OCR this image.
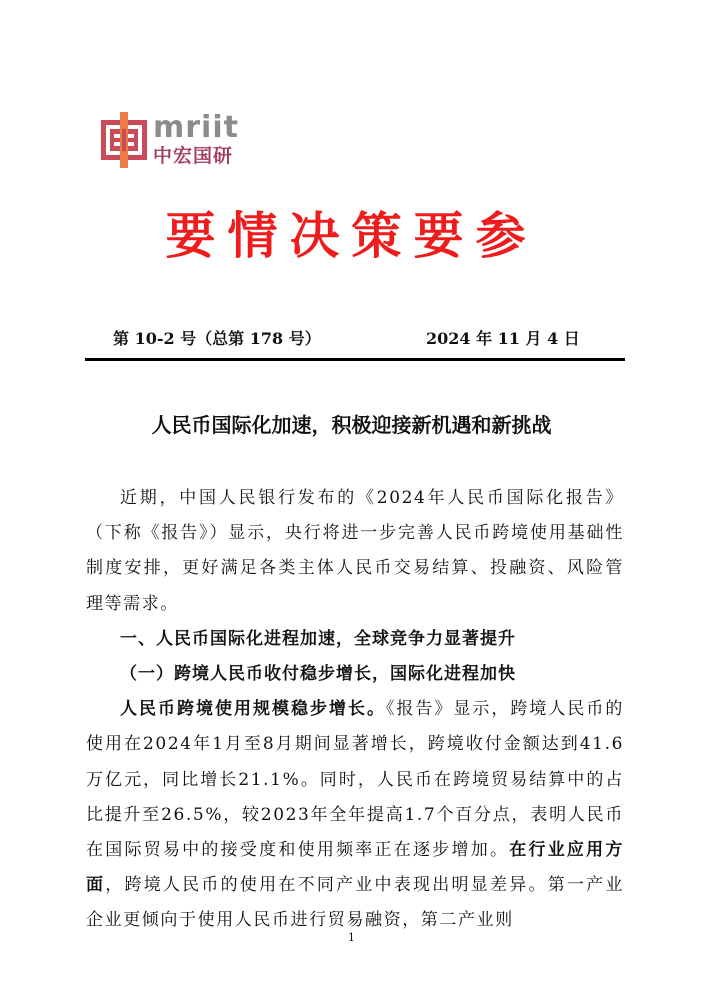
mriit
中宏国研
要情决策要参
第 10-2 号（总第 178 号）	2024 年 11 月 4 日
人民币国际化加速，积极迎接新机遇和新挑战

近期，中国人民银行发布的《2024年人民币国际化报告》（下称《报告》）显示，央行将进一步完善人民币跨境使用基础性制度安排，更好满足各类主体人民币交易结算、投融资、风险管理等需求。

一、人民币国际化进程加速，全球竞争力显著提升

（一）跨境人民币收付稳步增长，国际化进程加快

人民币跨境使用规模稳步增长。《报告》显示，跨境人民币的使用在2024年1月至8月期间显著增长，跨境收付金额达到41.6万亿元，同比增长21.1%。同时，人民币在跨境贸易结算中的占比提升至26.5%，较2023年全年提高1.7个百分点，表明人民币在国际贸易中的接受度和使用频率正在逐步增加。在行业应用方面，跨境人民币的使用在不同产业中表现出明显差异。第一产业企业更倾向于使用人民币进行贸易融资，第二产业则

1
